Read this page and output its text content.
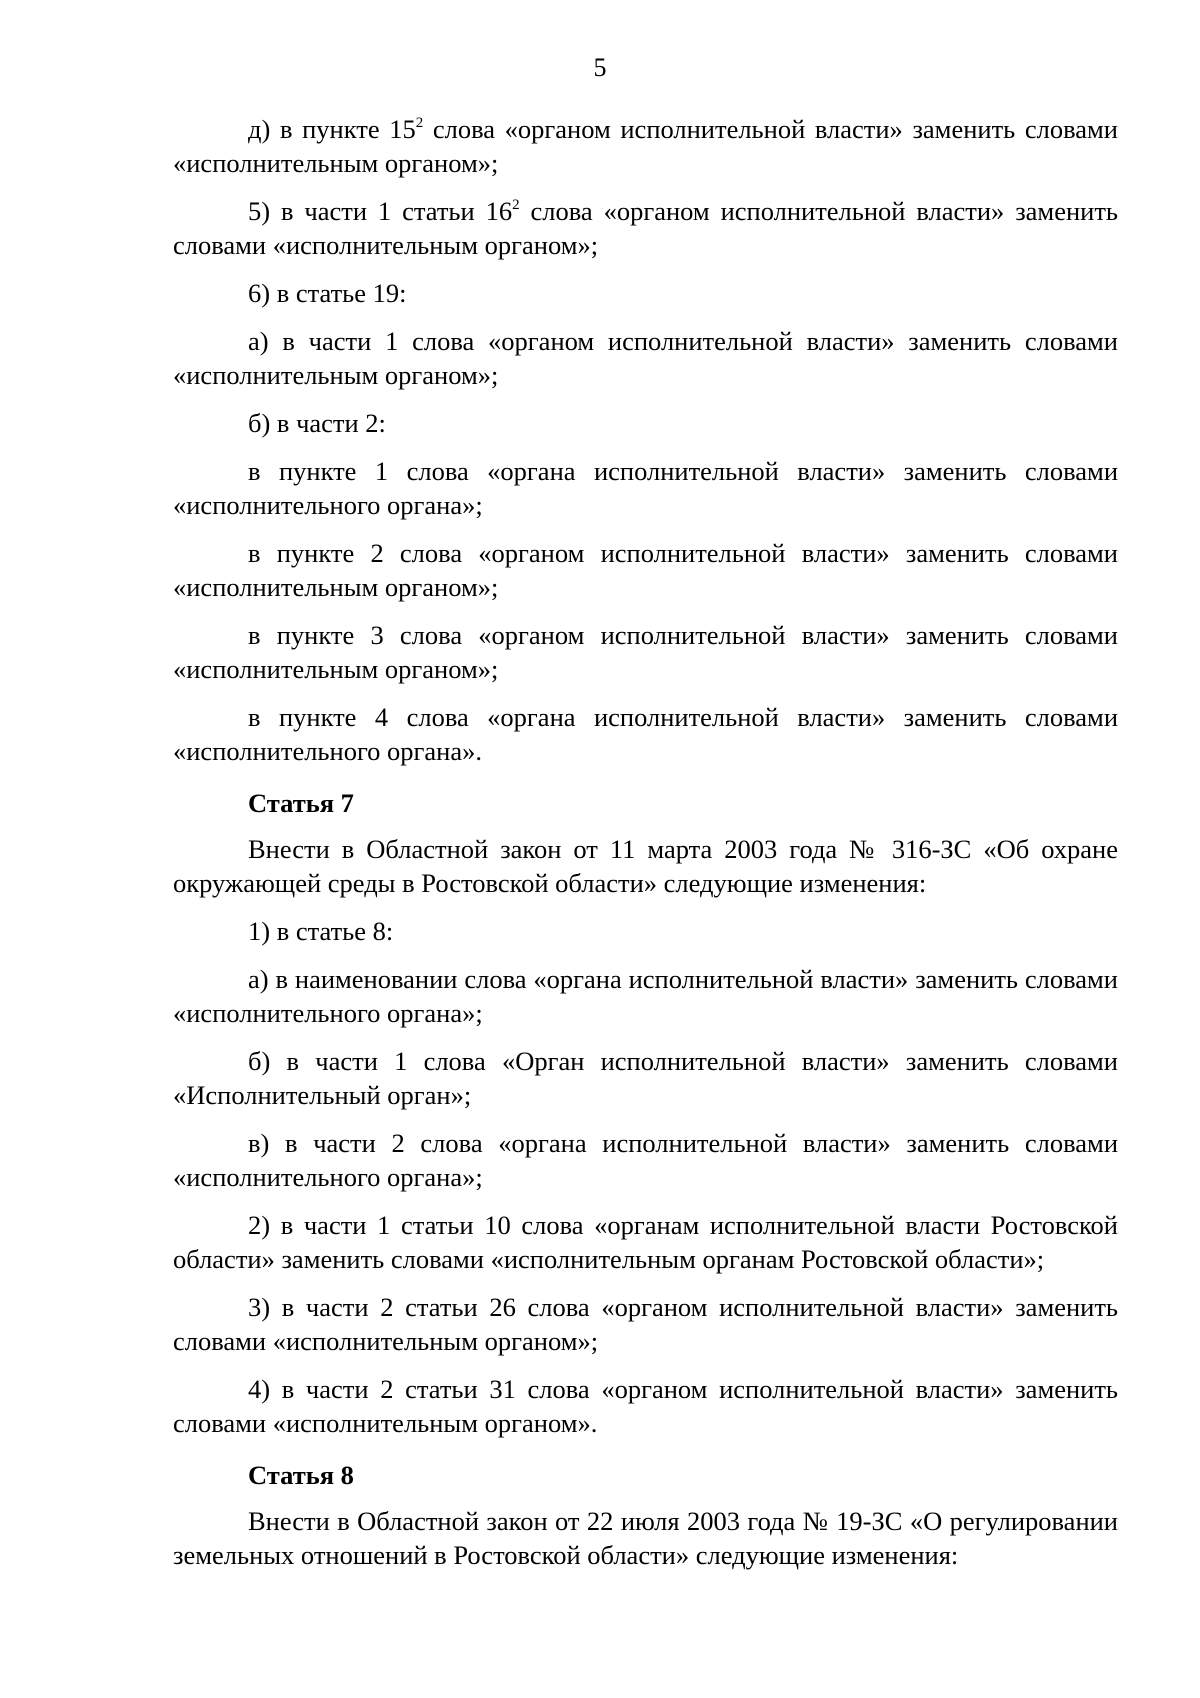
5

д) в пункте $15^2$ слова «органом исполнительной власти» заменить словами «исполнительным органом»;

5) в части 1 статьи $16^2$ слова «органом исполнительной власти» заменить словами «исполнительным органом»;

6) в статье 19:

а) в части 1 слова «органом исполнительной власти» заменить словами «исполнительным органом»;

б) в части 2:

в пункте 1 слова «органа исполнительной власти» заменить словами «исполнительного органа»;

в пункте 2 слова «органом исполнительной власти» заменить словами «исполнительным органом»;

в пункте 3 слова «органом исполнительной власти» заменить словами «исполнительным органом»;

в пункте 4 слова «органа исполнительной власти» заменить словами «исполнительного органа».

Статья 7

Внести в Областной закон от 11 марта 2003 года № 316-ЗС «Об охране окружающей среды в Ростовской области» следующие изменения:

1) в статье 8:

а) в наименовании слова «органа исполнительной власти» заменить словами «исполнительного органа»;

б) в части 1 слова «Орган исполнительной власти» заменить словами «Исполнительный орган»;

в) в части 2 слова «органа исполнительной власти» заменить словами «исполнительного органа»;

2) в части 1 статьи 10 слова «органам исполнительной власти Ростовской области» заменить словами «исполнительным органам Ростовской области»;

3) в части 2 статьи 26 слова «органом исполнительной власти» заменить словами «исполнительным органом»;

4) в части 2 статьи 31 слова «органом исполнительной власти» заменить словами «исполнительным органом».

Статья 8

Внести в Областной закон от 22 июля 2003 года № 19-ЗС «О регулировании земельных отношений в Ростовской области» следующие изменения:
